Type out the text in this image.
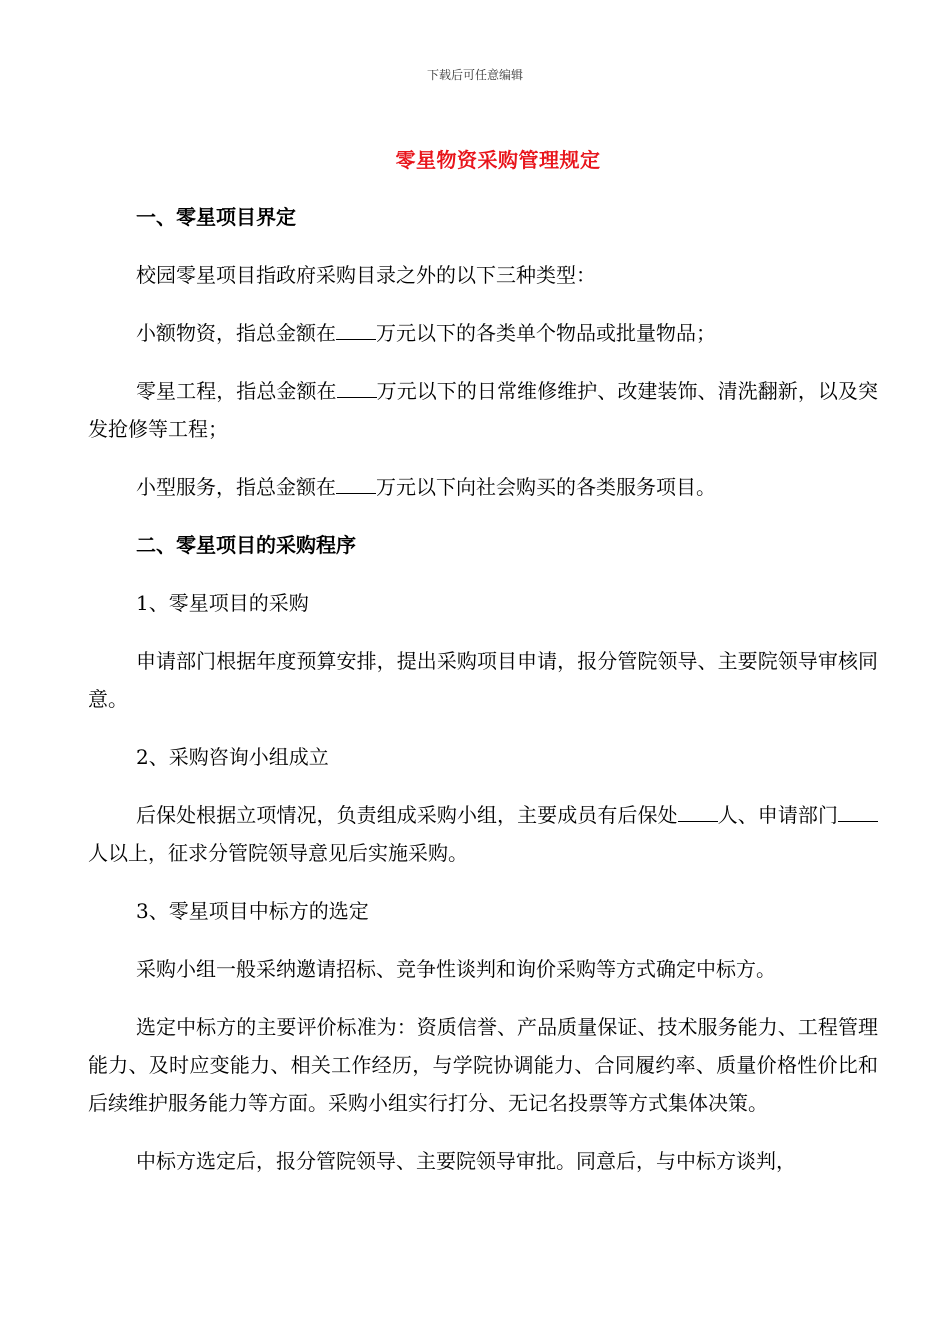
下载后可任意编辑
零星物资采购管理规定

一、零星项目界定

校园零星项目指政府采购目录之外的以下三种类型：

小额物资，指总金额在 万元以下的各类单个物品或批量物品；

零星工程，指总金额在 万元以下的日常维修维护、改建装饰、清洗翻新，以及突发抢修等工程；

小型服务，指总金额在 万元以下向社会购买的各类服务项目。

二、零星项目的采购程序

1、零星项目的采购

申请部门根据年度预算安排，提出采购项目申请，报分管院领导、主要院领导审核同意。

2、采购咨询小组成立

后保处根据立项情况，负责组成采购小组，主要成员有后保处 人、申请部门人以上，征求分管院领导意见后实施采购。

3、零星项目中标方的选定

采购小组一般采纳邀请招标、竞争性谈判和询价采购等方式确定中标方。

选定中标方的主要评价标准为：资质信誉、产品质量保证、技术服务能力、工程管理能力、及时应变能力、相关工作经历，与学院协调能力、合同履约率、质量价格性价比和后续维护服务能力等方面。采购小组实行打分、无记名投票等方式集体决策。

中标方选定后，报分管院领导、主要院领导审批。同意后，与中标方谈判，
